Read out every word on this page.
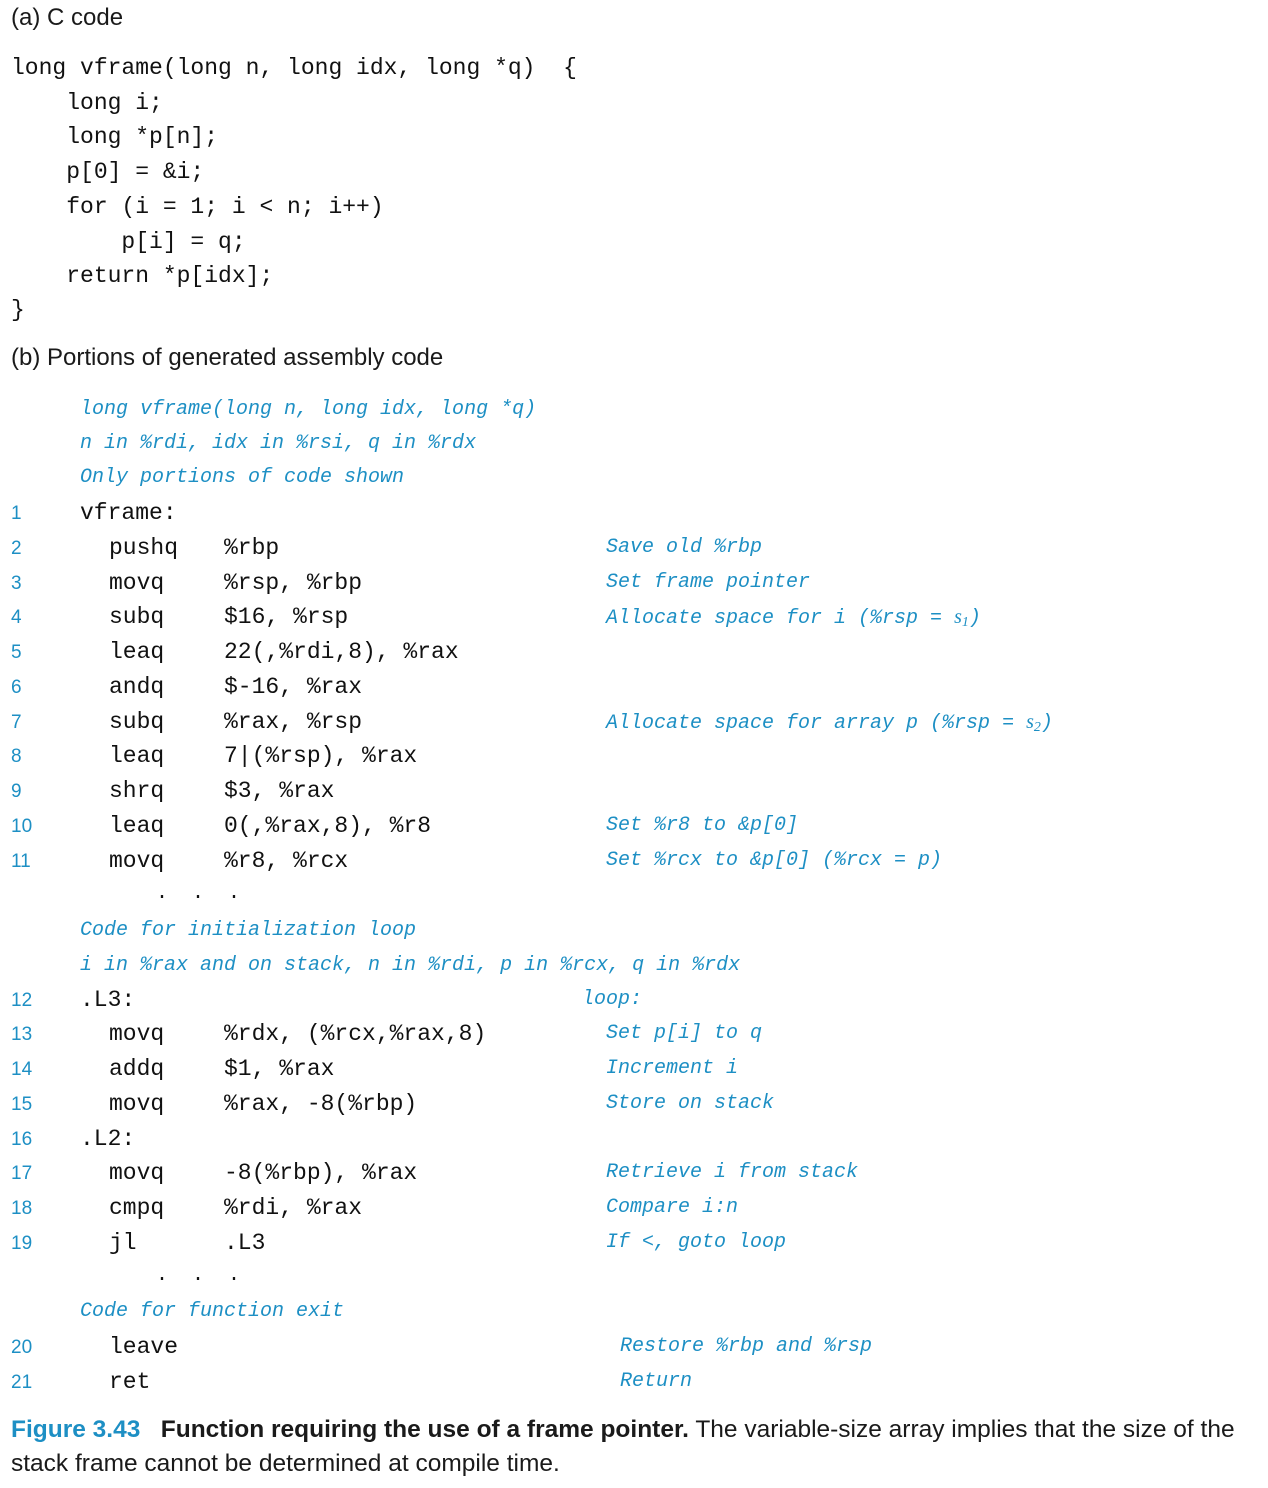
(a) C code
long vframe(long n, long idx, long *q)  {
long i;
long *p[n];
p[0] = &i;
for (i = 1; i < n; i++)
p[i] = q;
return *p[idx];
}
(b) Portions of generated assembly code
long vframe(long n, long idx, long *q)
n in %rdi, idx in %rsi, q in %rdx
Only portions of code shown
1	vframe:
2	pushq %rbp	Save old %rbp
3	movq	%rsp, %rbp	Set frame pointer
4	subq	$16, %rsp	Allocate space for i $(\%rsp = s_1)$
5	leaq	22(,%rdi,8), %rax
6	andq	$-16, %rax
7	subq	%rax, %rsp	Allocate space for array p $(\%rsp = s_2)$
8	leaq	7|(%rsp), %rax
9	shrq	$3, %rax
10	leaq	0(,%rax,8), %r8	Set %r8 to &p[0]
11	movq	%r8, %rcx	Set %rcx to &p[0] (%rcx = p)
. . .
Code for initialization loop
i in %rax and on stack, n in %rdi, p in %rcx, q in %rdx
12	.L3:	loop:
13	movq	%rdx, (%rcx,%rax,8)	Set p[i] to q
14	addq	$1, %rax	Increment i
15	movq	%rax, -8(%rbp)	Store on stack
16	.L2:
17	movq	-8(%rbp), %rax	Retrieve i from stack
18	cmpq	%rdi, %rax	Compare i:n
19	jl	.L3	If <, goto loop
. . .
Code for function exit
20	leave	Restore %rbp and %rsp
21	ret	Return
Figure 3.43 Function requiring the use of a frame pointer. The variable-size array implies that the size of the stack frame cannot be determined at compile time.
